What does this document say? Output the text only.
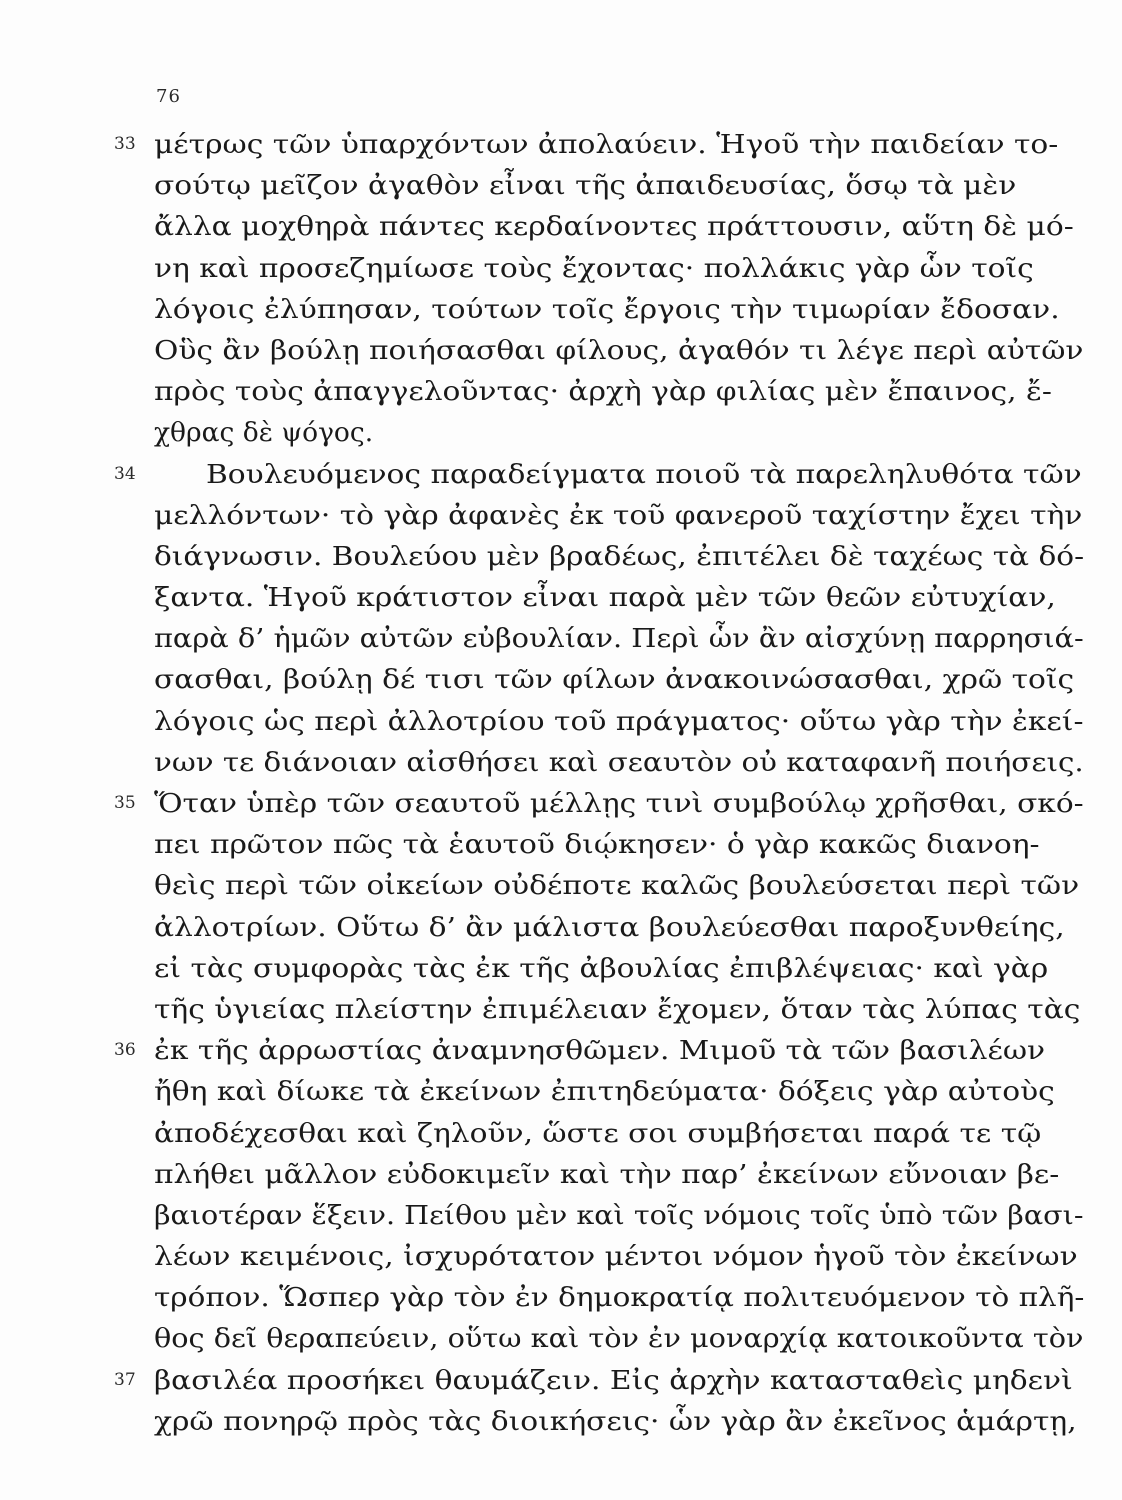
76
33 μέτρως τῶν ὑπαρχόντων ἀπολαύειν. Ἡγοῦ τὴν παιδείαν το-
σούτῳ μεῖζον ἀγαθὸν εἶναι τῆς ἀπαιδευσίας, ὅσῳ τὰ μὲν
ἄλλα μοχθηρὰ πάντες κερδαίνοντες πράττουσιν, αὕτη δὲ μό-
νη καὶ προσεζημίωσε τοὺς ἔχοντας· πολλάκις γὰρ ὧν τοῖς
λόγοις ἐλύπησαν, τούτων τοῖς ἔργοις τὴν τιμωρίαν ἔδοσαν.
Οὓς ἂν βούλῃ ποιήσασθαι φίλους, ἀγαθόν τι λέγε περὶ αὐτῶν
πρὸς τοὺς ἀπαγγελοῦντας· ἀρχὴ γὰρ φιλίας μὲν ἔπαινος, ἔ-
χθρας δὲ ψόγος.
34	Βουλευόμενος παραδείγματα ποιοῦ τὰ παρεληλυθότα τῶν
μελλόντων· τὸ γὰρ ἀφανὲς ἐκ τοῦ φανεροῦ ταχίστην ἔχει τὴν
διάγνωσιν. Βουλεύου μὲν βραδέως, ἐπιτέλει δὲ ταχέως τὰ δό-
ξαντα. Ἡγοῦ κράτιστον εἶναι παρὰ μὲν τῶν θεῶν εὐτυχίαν,
παρὰ δ’ ἡμῶν αὐτῶν εὐβουλίαν. Περὶ ὧν ἂν αἰσχύνῃ παρρησιά-
σασθαι, βούλῃ δέ τισι τῶν φίλων ἀνακοινώσασθαι, χρῶ τοῖς
λόγοις ὡς περὶ ἀλλοτρίου τοῦ πράγματος· οὕτω γὰρ τὴν ἐκεί-
νων τε διάνοιαν αἰσθήσει καὶ σεαυτὸν οὐ καταφανῆ ποιήσεις.
35 Ὅταν ὑπὲρ τῶν σεαυτοῦ μέλλῃς τινὶ συμβούλῳ χρῆσθαι, σκό-
πει πρῶτον πῶς τὰ ἑαυτοῦ διῴκησεν· ὁ γὰρ κακῶς διανοη-
θεὶς περὶ τῶν οἰκείων οὐδέποτε καλῶς βουλεύσεται περὶ τῶν
ἀλλοτρίων. Οὕτω δ’ ἂν μάλιστα βουλεύεσθαι παροξυνθείης,
εἰ τὰς συμφορὰς τὰς ἐκ τῆς ἀβουλίας ἐπιβλέψειας· καὶ γὰρ
τῆς ὑγιείας πλείστην ἐπιμέλειαν ἔχομεν, ὅταν τὰς λύπας τὰς
36 ἐκ τῆς ἀρρωστίας ἀναμνησθῶμεν. Μιμοῦ τὰ τῶν βασιλέων
ἤθη καὶ δίωκε τὰ ἐκείνων ἐπιτηδεύματα· δόξεις γὰρ αὐτοὺς
ἀποδέχεσθαι καὶ ζηλοῦν, ὥστε σοι συμβήσεται παρά τε τῷ
πλήθει μᾶλλον εὐδοκιμεῖν καὶ τὴν παρ’ ἐκείνων εὔνοιαν βε-
βαιοτέραν ἕξειν. Πείθου μὲν καὶ τοῖς νόμοις τοῖς ὑπὸ τῶν βασι-
λέων κειμένοις, ἰσχυρότατον μέντοι νόμον ἡγοῦ τὸν ἐκείνων
τρόπον. Ὥσπερ γὰρ τὸν ἐν δημοκρατίᾳ πολιτευόμενον τὸ πλῆ-
θος δεῖ θεραπεύειν, οὕτω καὶ τὸν ἐν μοναρχίᾳ κατοικοῦντα τὸν
37 βασιλέα προσήκει θαυμάζειν. Εἰς ἀρχὴν κατασταθεὶς μηδενὶ
χρῶ πονηρῷ πρὸς τὰς διοικήσεις· ὧν γὰρ ἂν ἐκεῖνος ἁμάρτῃ,
